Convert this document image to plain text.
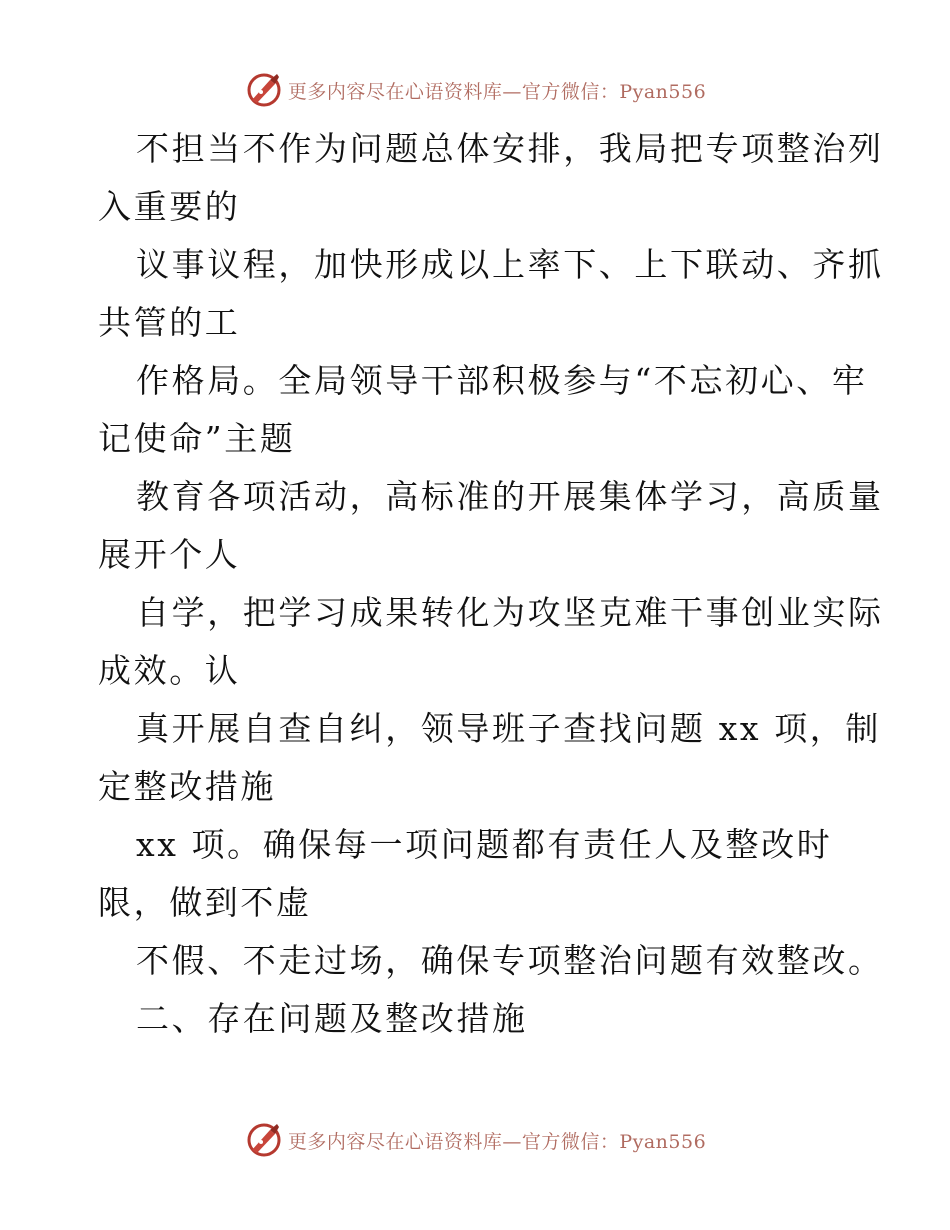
更多内容尽在心语资料库—官方微信：Pyan556
不担当不作为问题总体安排，我局把专项整治列
入重要的
议事议程，加快形成以上率下、上下联动、齐抓
共管的工
作格局。全局领导干部积极参与“不忘初心、牢
记使命”主题
教育各项活动，高标准的开展集体学习，高质量
展开个人
自学，把学习成果转化为攻坚克难干事创业实际
成效。认
真开展自查自纠，领导班子查找问题 xx 项，制
定整改措施
xx 项。确保每一项问题都有责任人及整改时
限，做到不虚
不假、不走过场，确保专项整治问题有效整改。
二、存在问题及整改措施
更多内容尽在心语资料库—官方微信：Pyan556
